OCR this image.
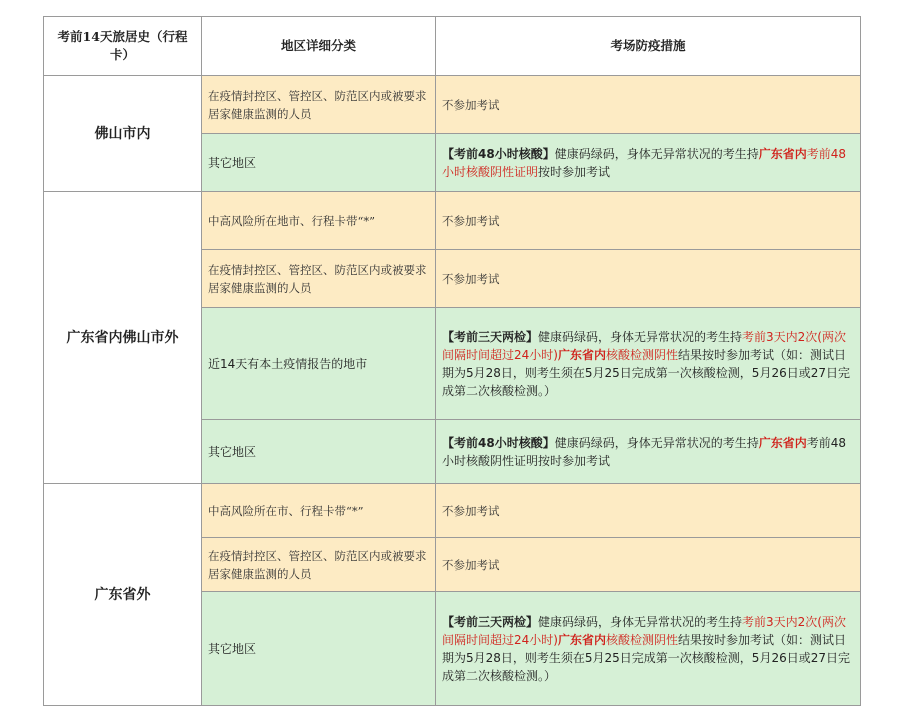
考前14天旅居史（行程卡）	地区详细分类	考场防疫措施
佛山市内	在疫情封控区、管控区、防范区内或被要求居家健康监测的人员	不参加考试
	其它地区	【考前48小时核酸】健康码绿码，身体无异常状况的考生持广东省内考前48小时核酸阴性证明按时参加考试
广东省内佛山市外	中高风险所在地市、行程卡带“*”	不参加考试
	在疫情封控区、管控区、防范区内或被要求居家健康监测的人员	不参加考试
	近14天有本土疫情报告的地市	【考前三天两检】健康码绿码，身体无异常状况的考生持考前3天内2次(两次间隔时间超过24小时)广东省内核酸检测阴性结果按时参加考试（如：测试日期为5月28日，则考生须在5月25日完成第一次核酸检测，5月26日或27日完成第二次核酸检测。）
	其它地区	【考前48小时核酸】健康码绿码，身体无异常状况的考生持广东省内考前48小时核酸阴性证明按时参加考试
广东省外	中高风险所在市、行程卡带“*”	不参加考试
	在疫情封控区、管控区、防范区内或被要求居家健康监测的人员	不参加考试
	其它地区	【考前三天两检】健康码绿码，身体无异常状况的考生持考前3天内2次(两次间隔时间超过24小时)广东省内核酸检测阴性结果按时参加考试（如：测试日期为5月28日，则考生须在5月25日完成第一次核酸检测，5月26日或27日完成第二次核酸检测。）
